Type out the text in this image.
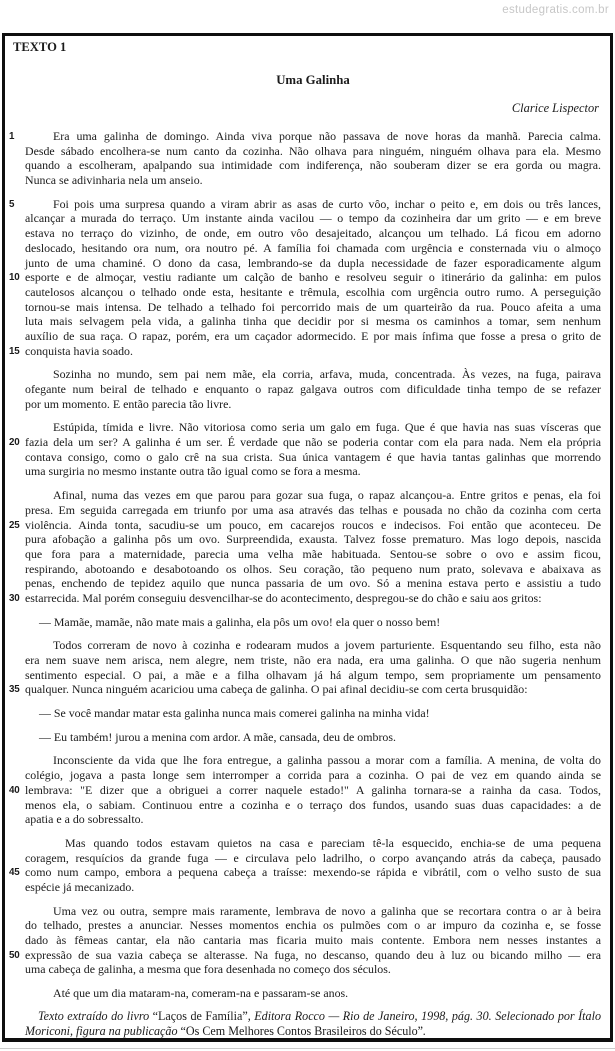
estudegratis.com.br
TEXTO 1
Uma Galinha
Clarice Lispector
1	Era uma galinha de domingo. Ainda viva porque não passava de nove horas da manhã. Parecia calma.
Desde sábado encolhera-se num canto da cozinha. Não olhava para ninguém, ninguém olhava para ela. Mesmo
quando a escolheram, apalpando sua intimidade com indiferença, não souberam dizer se era gorda ou magra.
Nunca se adivinharia nela um anseio.
5	Foi pois uma surpresa quando a viram abrir as asas de curto vôo, inchar o peito e, em dois ou três lances,
alcançar a murada do terraço. Um instante ainda vacilou — o tempo da cozinheira dar um grito — e em breve
estava no terraço do vizinho, de onde, em outro vôo desajeitado, alcançou um telhado. Lá ficou em adorno
deslocado, hesitando ora num, ora noutro pé. A família foi chamada com urgência e consternada viu o almoço
junto de uma chaminé. O dono da casa, lembrando-se da dupla necessidade de fazer esporadicamente algum
10 esporte e de almoçar, vestiu radiante um calção de banho e resolveu seguir o itinerário da galinha: em pulos
cautelosos alcançou o telhado onde esta, hesitante e trêmula, escolhia com urgência outro rumo. A perseguição
tornou-se mais intensa. De telhado a telhado foi percorrido mais de um quarteirão da rua. Pouco afeita a uma
luta mais selvagem pela vida, a galinha tinha que decidir por si mesma os caminhos a tomar, sem nenhum
auxílio de sua raça. O rapaz, porém, era um caçador adormecido. E por mais ínfima que fosse a presa o grito de
15 conquista havia soado.
Sozinha no mundo, sem pai nem mãe, ela corria, arfava, muda, concentrada. Às vezes, na fuga, pairava
ofegante num beiral de telhado e enquanto o rapaz galgava outros com dificuldade tinha tempo de se refazer
por um momento. E então parecia tão livre.
Estúpida, tímida e livre. Não vitoriosa como seria um galo em fuga. Que é que havia nas suas vísceras que
20 fazia dela um ser? A galinha é um ser. É verdade que não se poderia contar com ela para nada. Nem ela própria
contava consigo, como o galo crê na sua crista. Sua única vantagem é que havia tantas galinhas que morrendo
uma surgiria no mesmo instante outra tão igual como se fora a mesma.
Afinal, numa das vezes em que parou para gozar sua fuga, o rapaz alcançou-a. Entre gritos e penas, ela foi
presa. Em seguida carregada em triunfo por uma asa através das telhas e pousada no chão da cozinha com certa
25 violência. Ainda tonta, sacudiu-se um pouco, em cacarejos roucos e indecisos. Foi então que aconteceu. De
pura afobação a galinha pôs um ovo. Surpreendida, exausta. Talvez fosse prematuro. Mas logo depois, nascida
que fora para a maternidade, parecia uma velha mãe habituada. Sentou-se sobre o ovo e assim ficou,
respirando, abotoando e desabotoando os olhos. Seu coração, tão pequeno num prato, solevava e abaixava as
penas, enchendo de tepidez aquilo que nunca passaria de um ovo. Só a menina estava perto e assistiu a tudo
30 estarrecida. Mal porém conseguiu desvencilhar-se do acontecimento, despregou-se do chão e saiu aos gritos:
— Mamãe, mamãe, não mate mais a galinha, ela pôs um ovo! ela quer o nosso bem!
Todos correram de novo à cozinha e rodearam mudos a jovem parturiente. Esquentando seu filho, esta não
era nem suave nem arisca, nem alegre, nem triste, não era nada, era uma galinha. O que não sugeria nenhum
sentimento especial. O pai, a mãe e a filha olhavam já há algum tempo, sem propriamente um pensamento
35 qualquer. Nunca ninguém acariciou uma cabeça de galinha. O pai afinal decidiu-se com certa brusquidão:
— Se você mandar matar esta galinha nunca mais comerei galinha na minha vida!
— Eu também! jurou a menina com ardor. A mãe, cansada, deu de ombros.
Inconsciente da vida que lhe fora entregue, a galinha passou a morar com a família. A menina, de volta do
colégio, jogava a pasta longe sem interromper a corrida para a cozinha. O pai de vez em quando ainda se
40 lembrava: "E dizer que a obriguei a correr naquele estado!" A galinha tornara-se a rainha da casa. Todos,
menos ela, o sabiam. Continuou entre a cozinha e o terraço dos fundos, usando suas duas capacidades: a de
apatia e a do sobressalto.
Mas quando todos estavam quietos na casa e pareciam tê-la esquecido, enchia-se de uma pequena
coragem, resquícios da grande fuga — e circulava pelo ladrilho, o corpo avançando atrás da cabeça, pausado
45 como num campo, embora a pequena cabeça a traísse: mexendo-se rápida e vibrátil, com o velho susto de sua
espécie já mecanizado.
Uma vez ou outra, sempre mais raramente, lembrava de novo a galinha que se recortara contra o ar à beira
do telhado, prestes a anunciar. Nesses momentos enchia os pulmões com o ar impuro da cozinha e, se fosse
dado às fêmeas cantar, ela não cantaria mas ficaria muito mais contente. Embora nem nesses instantes a
50 expressão de sua vazia cabeça se alterasse. Na fuga, no descanso, quando deu à luz ou bicando milho — era
uma cabeça de galinha, a mesma que fora desenhada no começo dos séculos.
Até que um dia mataram-na, comeram-na e passaram-se anos.
Texto extraído do livro “Laços de Família”, Editora Rocco — Rio de Janeiro, 1998, pág. 30. Selecionado por Ítalo Moriconi, figura na publicação “Os Cem Melhores Contos Brasileiros do Século”.
